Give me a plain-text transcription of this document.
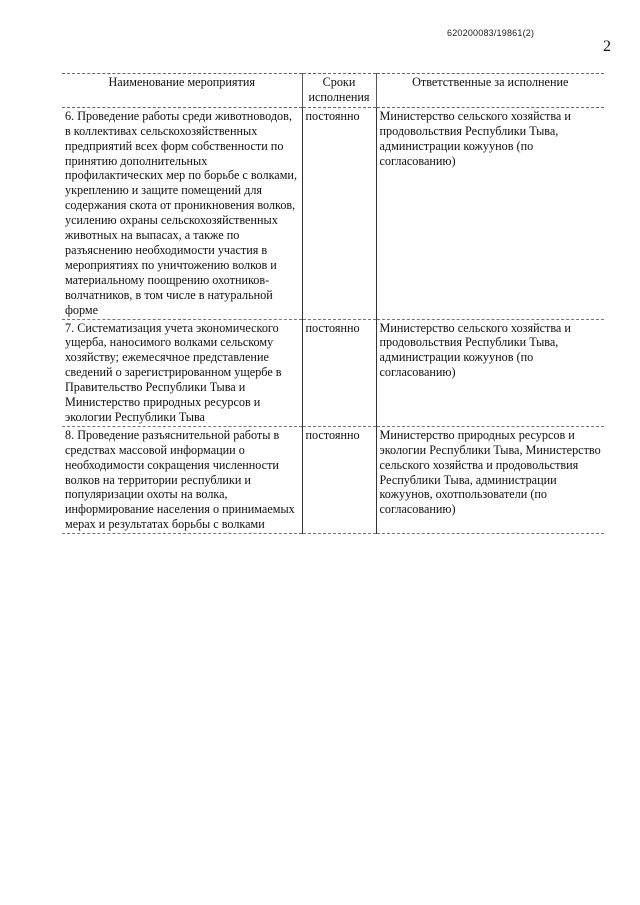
620200083/19861(2)
2
Наименование мероприятия	Сроки исполнения	Ответственные за исполнение
6. Проведение работы среди животноводов, в коллективах сельскохозяйственных предприятий всех форм собственности по принятию дополнительных профилактических мер по борьбе с волками, укреплению и защите помещений для содержания скота от проникновения волков, усилению охраны сельскохозяйственных животных на выпасах, а также по разъяснению необходимости участия в мероприятиях по уничтожению волков и материальному поощрению охотников-волчатников, в том числе в натуральной форме	постоянно	Министерство сельского хозяйства и продовольствия Республики Тыва, администрации кожуунов (по согласованию)
7. Систематизация учета экономического ущерба, наносимого волками сельскому хозяйству; ежемесячное представление сведений о зарегистрированном ущербе в Правительство Республики Тыва и Министерство природных ресурсов и экологии Республики Тыва	постоянно	Министерство сельского хозяйства и продовольствия Республики Тыва, администрации кожуунов (по согласованию)
8. Проведение разъяснительной работы в средствах массовой информации о необходимости сокращения численности волков на территории республики и популяризации охоты на волка, информирование населения о принимаемых мерах и результатах борьбы с волками	постоянно	Министерство природных ресурсов и экологии Республики Тыва, Министерство сельского хозяйства и продовольствия Республики Тыва, администрации кожуунов, охотпользователи (по согласованию)
